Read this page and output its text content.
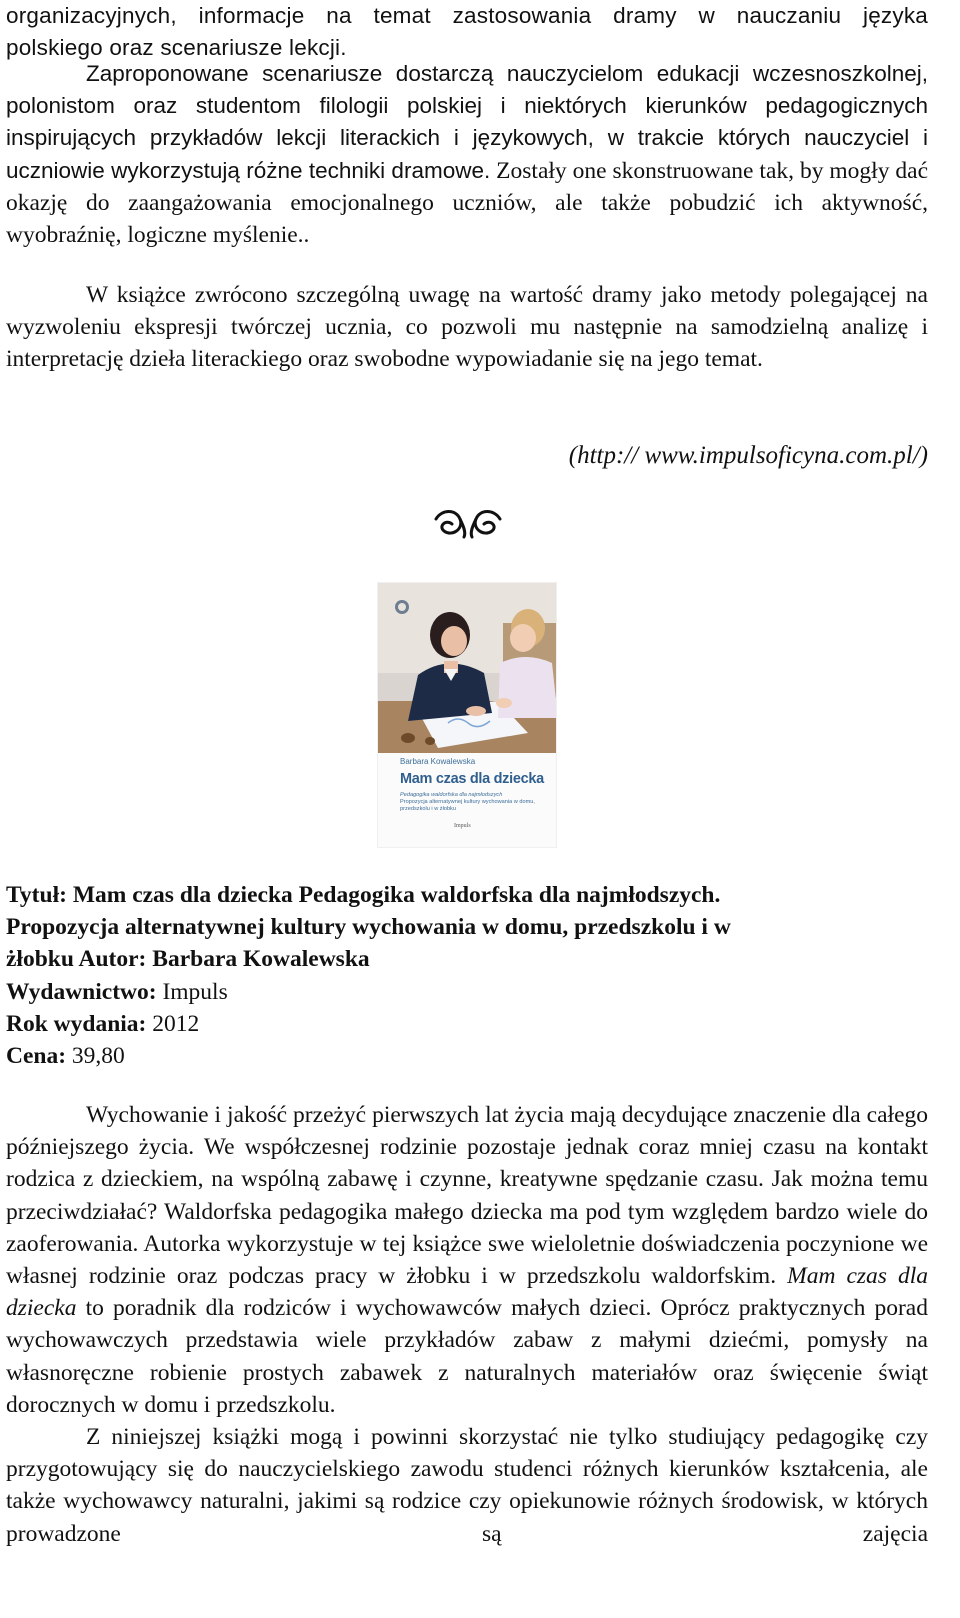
organizacyjnych, informacje na temat zastosowania dramy w nauczaniu języka

polskiego oraz scenariusze lekcji.

Zaproponowane scenariusze dostarczą nauczycielom edukacji wczesnoszkolnej, polonistom oraz studentom filologii polskiej i niektórych kierunków pedagogicznych inspirujących przykładów lekcji literackich i językowych, w trakcie których nauczyciel i uczniowie wykorzystują różne techniki dramowe. Zostały one skonstruowane tak, by mogły dać okazję do zaangażowania emocjonalnego uczniów, ale także pobudzić ich aktywność, wyobraźnię, logiczne myślenie..

W książce zwrócono szczególną uwagę na wartość dramy jako metody polegającej na wyzwoleniu ekspresji twórczej ucznia, co pozwoli mu następnie na samodzielną analizę i interpretację dzieła literackiego oraz swobodne wypowiadanie się na jego temat.

(http:// www.impulsoficyna.com.pl/)
Barbara Kowalewska
Mam czas dla dziecka
Pedagogika waldorfska dla najmłodszych
Propozycja alternatywnej kultury wychowania w domu,
przedszkolu i w żłobku
Impuls
Tytuł: Mam czas dla dziecka Pedagogika waldorfska dla najmłodszych.
Propozycja alternatywnej kultury wychowania w domu, przedszkolu i w
żłobku Autor: Barbara Kowalewska
Wydawnictwo: Impuls
Rok wydania: 2012
Cena: 39,80

Wychowanie i jakość przeżyć pierwszych lat życia mają decydujące znaczenie dla całego późniejszego życia. We współczesnej rodzinie pozostaje jednak coraz mniej czasu na kontakt rodzica z dzieckiem, na wspólną zabawę i czynne, kreatywne spędzanie czasu. Jak można temu przeciwdziałać? Waldorfska pedagogika małego dziecka ma pod tym względem bardzo wiele do zaoferowania. Autorka wykorzystuje w tej książce swe wieloletnie doświadczenia poczynione we własnej rodzinie oraz podczas pracy w żłobku i w przedszkolu waldorfskim. Mam czas dla dziecka to poradnik dla rodziców i wychowawców małych dzieci. Oprócz praktycznych porad wychowawczych przedstawia wiele przykładów zabaw z małymi dziećmi, pomysły na własnoręczne robienie prostych zabawek z naturalnych materiałów oraz święcenie świąt dorocznych w domu i przedszkolu.

Z niniejszej książki mogą i powinni skorzystać nie tylko studiujący pedagogikę czy przygotowujący się do nauczycielskiego zawodu studenci różnych kierunków kształcenia, ale także wychowawcy naturalni, jakimi są rodzice czy opiekunowie różnych środowisk, w których prowadzone są zajęcia
